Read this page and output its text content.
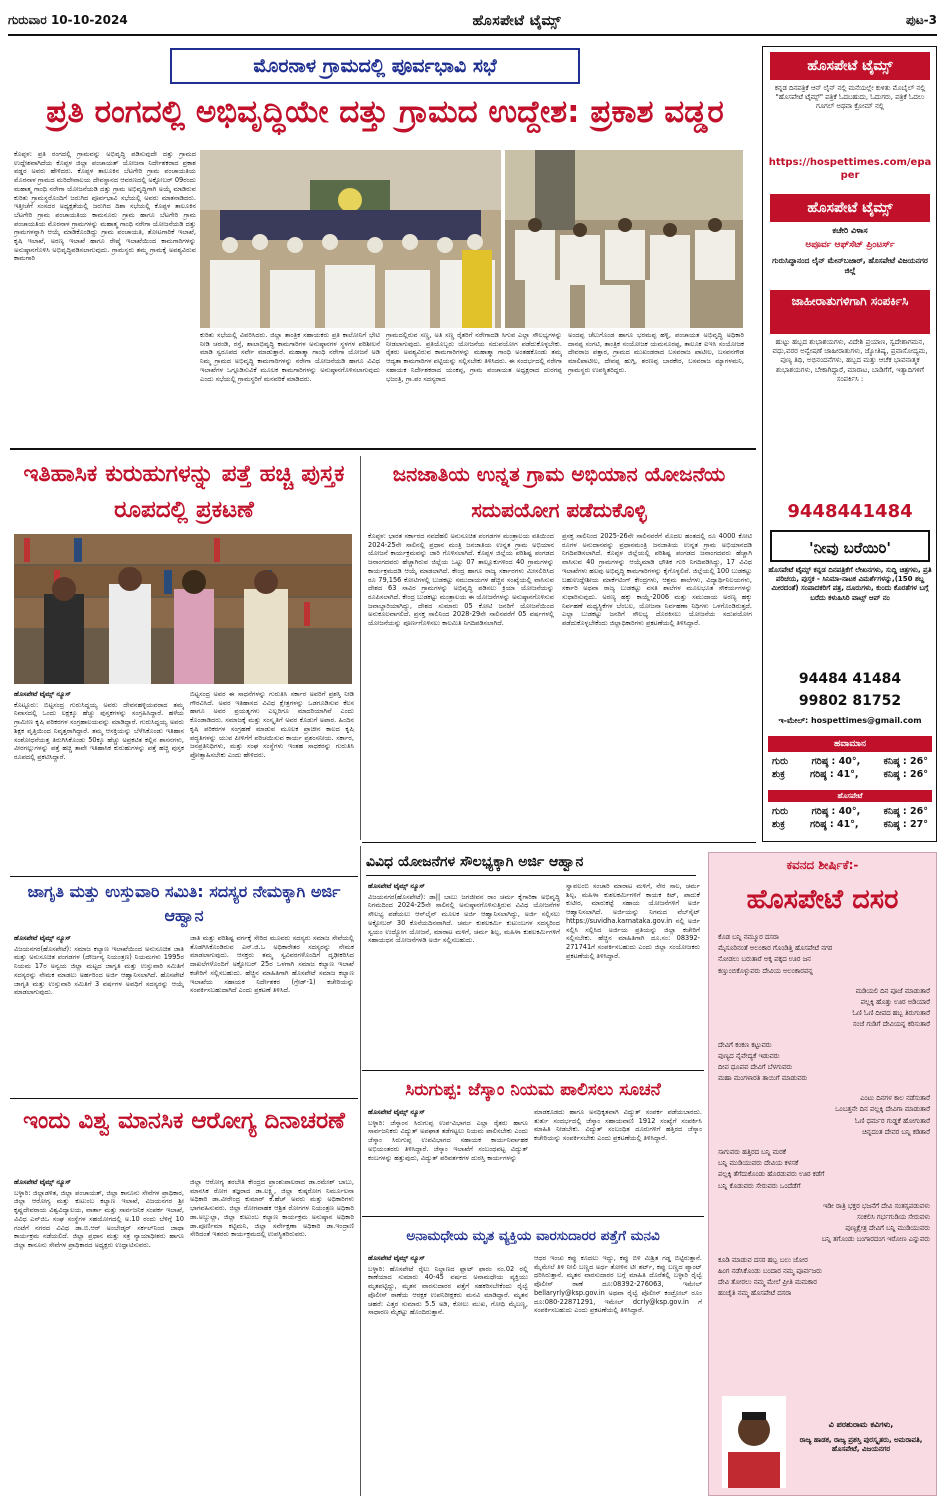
ಗುರುವಾರ 10-10-2024	ಹೊಸಪೇಟೆ ಟೈಮ್ಸ್	ಪುಟ-3
ಮೊರನಾಳ ಗ್ರಾಮದಲ್ಲಿ ಪೂರ್ವಭಾವಿ ಸಭೆ
ಪ್ರತಿ ರಂಗದಲ್ಲಿ ಅಭಿವೃದ್ಧಿಯೇ ದತ್ತು ಗ್ರಾಮದ ಉದ್ದೇಶ: ಪ್ರಕಾಶ ವಡ್ಡರ
ಕೊಪ್ಪಳ: ಪ್ರತಿ ರಂಗದಲ್ಲಿ ಗ್ರಾಮವನ್ನು ಅಭಿವೃದ್ಧಿ ಪಡಿಸುವುದೇ ದತ್ತು ಗ್ರಾಮದ ಉದ್ದೇಶವಾಗಿದೆಯ ಕೊಪ್ಪಳ ಜಿಲ್ಲಾ ಪಂಚಾಯತ್ ಯೋಜನಾ ನಿರ್ದೇಶಕರಾದ ಪ್ರಕಾಶ ವಡ್ಡರ ಅವರು ಹೇಳಿದರು. ಕೊಪ್ಪಳ ತಾಲೂಕಿನ ಬೆಟಗೇರಿ ಗ್ರಾಮ ಪಂಚಾಯತಿಯ ಮೊರನಾಳ ಗ್ರಾಮದ ಮರಿದೇವಾಲಯ ದೇವಸ್ಥಾನದ ಆವರಣದಲ್ಲಿ ಅಕ್ಟೋಬರ್ 09ರಂದು ಮಹಾತ್ಮ ಗಾಂಧಿ ನರೇಗಾ ಯೋಜನೆಯಡಿ ದತ್ತು ಗ್ರಾಮ ಅಭಿವೃದ್ಧಿಗಾಗಿ ಅಯ್ಕೆ ಮಾಡಿರುವ ಕುರಿತು ಗ್ರಾಮಸ್ಥರೊಂದಿಗೆ ಜರುಗಿದ ಪೂರ್ವಭಾವಿ ಸಭೆಯಲ್ಲಿ ಅವರು ಮಾತನಾಡಿದರು. ಇತ್ತೀಚೆಗೆ ಸಂಸದರ ಅಧ್ಯಕ್ಷತೆಯಲ್ಲಿ ಜರುಗಿದ ದಿಶಾ ಸಭೆಯಲ್ಲಿ ಕೊಪ್ಪಳ ತಾಲೂಕಿನ ಬೆಟಗೇರಿ ಗ್ರಾಮ ಪಂಚಾಯತಿಯ ಕಾಮನೂರು ಗ್ರಾಮ ಹಾಗೂ ಬೆಟಗೇರಿ ಗ್ರಾಮ ಪಂಚಾಯತಿಯ ಮೊರನಾಳ ಗ್ರಾಮಗಳನ್ನು ಮಹಾತ್ಮ ಗಾಂಧಿ ನರೇಗಾ ಯೋಜನೆಯಡಿ ದತ್ತು ಗ್ರಾಮಗಳನ್ನಾಗಿ ಆಯ್ಕೆ ಮಾಡಿಕೊಂಡಿದ್ದು ಗ್ರಾಮ ಪಂಚಾಯತಿ, ತೋಟಗಾರಿಕೆ ಇಲಾಖೆ, ಕೃಷಿ ಇಲಾಖೆ, ಅರಣ್ಯ ಇಲಾಖೆ ಹಾಗೂ ರೇಷ್ಮೆ ಇಲಾಖೆಯಿಂದ ಕಾಮಗಾರಿಗಳನ್ನು ಅನುಷ್ಠಾನಗೊಳಿಸಿ ಅಭಿವೃದ್ಧಿಪಡಿಸಲಾಗುವುದು. ಗ್ರಾಮಸ್ಥರು ತಮ್ಮ ಗ್ರಾಮಕ್ಕೆ ಅವಶ್ಯವಿರುವ ಕಾಮಗಾರಿ
ಕುರಿತು ಸಭೆಯಲ್ಲಿ ವಿವರಿಸಿದರು. ಜಿಲ್ಲಾ ತಾಂತ್ರಿಕ ಸಹಾಯಕರು ಪ್ರತಿ ಕಾಲೋನಿಗೆ ಭೇಟಿ ನೀಡಿ ಚರಂಡಿ, ರಸ್ತೆ, ಶಾಲಾಭಿವೃದ್ಧಿ ಕಾಮಗಾರಿಗಳ ಅನುಷ್ಠಾನಗಳ ಸ್ಥಳಗಳ ಪರಿಶೀಲನೆ ಮಾಡಿ ಸ್ವರೂಪದ ಸರ್ವೇ ಮಾಡುತ್ತಾರೆ. ಮಹಾತ್ಮಾ ಗಾಂಧಿ ನರೇಗಾ ಯೋಜನೆ ಅಡಿ ನಿಮ್ಮ ಗ್ರಾಮದ ಅಭಿವೃದ್ಧಿ ಕಾಮಗಾರಿಗಳನ್ನು ನರೇಗಾ ಯೋಜನೆಯಡಿ ಹಾಗೂ ವಿವಿಧ ಇಲಾಖೆಗಳ ಒಗ್ಗೂಡಿಸುವಿಕೆ ಮೂಲಕ ಕಾಮಗಾರಿಗಳನ್ನು ಅನುಷ್ಠಾನಗೊಳಿಸಲಾಗುವುದು ಎಂದು ಸಭೆಯಲ್ಲಿ ಗ್ರಾಮಸ್ಥರಿಗೆ ಮನವರಿಕೆ ಮಾಡಿದರು.
ಗ್ರಾಮದಲ್ಲಿರುವ ಸಣ್ಣ, ಅತಿ ಸಣ್ಣ ರೈತರಿಗೆ ನರೇಗಾದಡಿ ಸಿಗುವ ಎಲ್ಲಾ ಸೌಲಭ್ಯಗಳನ್ನು ನೀಡಲಾಗುವುದು. ಪ್ರತಿಯೊಬ್ಬರು ಯೋಜನೆಯ ಸದುಪಯೋಗ ಪಡೆದುಕೊಳ್ಳಬೇಕು. ರೈತರು ಅವಶ್ಯವಿರುವ ಕಾಮಗಾರಿಗಳನ್ನು ಮಹಾತ್ಮಾ ಗಾಂಧಿ ಅಂತಹಕೊಂಡು ತಮ್ಮ ಆದ್ಯತಾ ಕಾಮಗಾರಿಗಳ ಪಟ್ಟಿಯನ್ನು ಸಲ್ಲಿಸಬೇಕು ತಿಳಿಸಿದರು. ಈ ಸಂದರ್ಭದಲ್ಲಿ ನರೇಗಾ ಸಹಾಯಕ ನಿರ್ದೇಶಕರಾದ ಯಂಕಪ್ಪ, ಗ್ರಾಮ ಪಂಚಾಯತ ಅಧ್ಯಕ್ಷರಾದ ದುರಗಪ್ಪ ಭಜಂತ್ರಿ, ಗ್ರಾ.ಪಂ ಸದಸ್ಯರಾದ
ಅಂದಪ್ಪ ಚೆಲುಗೊಂಡ ಹಾಗೂ ಭರಮಪ್ಪ ಹಳ್ಳಿ, ಪಂಚಾಯತ ಅಭಿವೃದ್ಧಿ ಅಧಿಕಾರಿ ದಾನಪ್ಪ ಸಂಗಟಿ, ತಾಂತ್ರಿಕ ಸಂಯೋಜಕ ಯಮನೂರಪ್ಪ, ತಾಲೂಕ ಐಇಸಿ ಸಂಯೋಜಕ ದೇವರಾಜ ಪತ್ತಾರ, ಗ್ರಾಮದ ಮುಖಂಡರಾದ ಬಸವರಾಜ ಪಾಟೀಲ, ಬಸವನಗೌಡ ಮಾಲಿಪಾಟೀಲ, ದೇವಪ್ಪ ಹುಗ್ಗಿ, ಶರಣಪ್ಪ ಬಾರಕೇರ, ಬಸವರಾಜ ಮ್ಯಾಗಳಮನಿ, ಗ್ರಾಮಸ್ಥರು ಉಪಸ್ಥಿತರಿದ್ದರು.
ಇತಿಹಾಸಿಕ ಕುರುಹುಗಳನ್ನು ಪತ್ತೆ ಹಚ್ಚಿ ಪುಸ್ತಕ ರೂಪದಲ್ಲಿ ಪ್ರಕಟಣೆ

ಹೊಸಪೇಟೆ ಟೈಮ್ಸ್ ನ್ಯೂಸ್

ಕೊಟ್ಟೂರು: ಬಿಟ್ಟಸಂದ್ರ ಗುರುಸಿದ್ದಯ್ಯ ಅವರು ದೇವನಹಳ್ಳಿಯವರಾದ ತಮ್ಮ ನಿವಾಸದಲ್ಲಿ ಒಂದು ಲಕ್ಷಕ್ಕೂ ಹೆಚ್ಚು ಪುಸ್ತಕಗಳನ್ನು ಸಂಗ್ರಹಿಸಿದ್ದಾರೆ. ಹಳೆಯ ಗ್ರಾಮೀಣ ಕೃಷಿ ಪರಿಕರಗಳ ಸಂಗ್ರಹಾಲಯವನ್ನು ಮಾಡಿದ್ದಾರೆ. ಗುರುಸಿದ್ದಯ್ಯ ಅವರು ಶಿಕ್ಷಕ ವೃತ್ತಿಯಿಂದ ನಿವೃತ್ತರಾಗಿದ್ದಾರೆ. ತಮ್ಮ ಆಸಕ್ತಿಯನ್ನು ಬೆಳೆಸಿಕೊಂಡು ಇತಿಹಾಸ ಸಂಶೋಧನೆಯತ್ತ ತಿರುಗಿಸಿಕೊಂಡು 50ಕ್ಕೂ ಹೆಚ್ಚು ಅಪ್ರಕಟಿತ ಕಲ್ಲಿನ ಶಾಸನಗಳು, ವೀರಗಲ್ಲುಗಳನ್ನು ಪತ್ತೆ ಹಚ್ಚಿ ತಾವೇ ಇತಿಹಾಸಿಕ ಕುರುಹುಗಳನ್ನು ಪತ್ತೆ ಹಚ್ಚಿ ಪುಸ್ತಕ ರೂಪದಲ್ಲಿ ಪ್ರಕಟಿಸಿದ್ದಾರೆ.

ಬಿಟ್ಟಸಂದ್ರ ಅವರ ಈ ಸಾಧನೆಗಳನ್ನು ಗುರುತಿಸಿ ಸರ್ಕಾರ ಅವರಿಗೆ ಪ್ರಶಸ್ತಿ ನೀಡಿ ಗೌರವಿಸಿದೆ. ಅವರ ಇತಿಹಾಸದ ವಿವಿಧ ಕ್ಷೇತ್ರಗಳನ್ನು ಒಡಗೂಡಿಸುವ ಕೆಲಸ ಹಾಗೂ ಅವರ ಪ್ರಯತ್ನಗಳು ಎಲ್ಲರಿಗೂ ಮಾದರಿಯಾಗಿವೆ ಎಂದು ಕೊಂಡಾಡಿದರು. ಸಮಾಜಕ್ಕೆ ಮತ್ತು ಸಂಸ್ಕೃತಿಗೆ ಅವರ ಕೊಡುಗೆ ಅಪಾರ. ಹಿಂದಿನ ಕೃಷಿ ಪರಿಕರಗಳ ಸಂಗ್ರಹಣೆ ಮಾಡುವ ಮೂಲಕ ಪ್ರಾಚೀನ ಕಾಲದ ಕೃಷಿ ಪದ್ಧತಿಗಳನ್ನು ಯುವ ಪೀಳಿಗೆಗೆ ಪರಿಚಯಿಸುವ ಕಾರ್ಯ ಪ್ರಶಂಸನೀಯ. ಸರ್ಕಾರ, ಜನಪ್ರತಿನಿಧಿಗಳು, ಮತ್ತು ಸಂಘ ಸಂಸ್ಥೆಗಳು ಇಂತಹ ಸಾಧಕರನ್ನು ಗುರುತಿಸಿ ಪ್ರೋತ್ಸಾಹಿಸಬೇಕು ಎಂದು ಹೇಳಿದರು.
ಜನಜಾತಿಯ ಉನ್ನತ ಗ್ರಾಮ ಅಭಿಯಾನ ಯೋಜನೆಯ ಸದುಪಯೋಗ ಪಡೆದುಕೊಳ್ಳಿ
ಕೊಪ್ಪಳ: ಭಾರತ ಸರ್ಕಾರದ ನವದೆಹಲಿ ಅನುಸೂಚಿತ ಪಂಗಡಗಳ ಮಂತ್ರಾಲಯ ವತಿಯಿಂದ 2024-25ನೇ ಸಾಲಿನಲ್ಲಿ ಪ್ರಧಾನ ಮಂತ್ರಿ ಜನಜಾತಿಯ ಉನ್ನತ ಗ್ರಾಮ ಅಭಿಯಾನ ಯೋಜನೆ ಕಾರ್ಯಕ್ರಮವನ್ನು ಜಾರಿ ಗೊಳಿಸಲಾಗಿದೆ. ಕೊಪ್ಪಳ ಜಿಲ್ಲೆಯ ಪರಿಶಿಷ್ಟ ಪಂಗಡದ ಜನಾಂಗದವರು ಹೆಚ್ಚಾಗಿರುವ ಜಿಲ್ಲೆಯ ಒಟ್ಟು 07 ತಾಲ್ಲೂಕುಗಳಿಂದ 40 ಗ್ರಾಮಗಳನ್ನು ಕಾರ್ಯಕ್ರಮದಡಿ ಆಯ್ಕೆ ಮಾಡಲಾಗಿದೆ. ಕೇಂದ್ರ ಹಾಗೂ ರಾಜ್ಯ ಸರ್ಕಾರಗಳು ಮೀಸಲಿರಿಸಿದ ರೂ 79,156 ಕೋಟಿಗಳಲ್ಲಿ ಬುಡಕಟ್ಟು ಸಮುದಾಯಗಳ ಹೆಚ್ಚಿನ ಸಂಖ್ಯೆಯಲ್ಲಿ ವಾಸಿಸುವ ದೇಶದ 63 ಸಾವಿರ ಗ್ರಾಮಗಳನ್ನು ಅಭಿವೃದ್ಧಿ ಪಡಿಸಲು ಕ್ರಿಯಾ ಯೋಜನೆಯನ್ನು ರೂಪಿಸಲಾಗಿದೆ. ಕೇಂದ್ರ ಬುಡಕಟ್ಟು ಮಂತ್ರಾಲಯ ಈ ಯೋಜನೆಗಳನ್ನು ಅನುಷ್ಠಾನಗೊಳಿಸುವ ಜವಾಬ್ದಾರಿಯಾಗಿದ್ದು, ದೇಶದ ಸುಮಾರು 05 ಕೋಟಿ ಜನರಿಗೆ ಯೋಜನೆಯಿಂದ ಅನುಕೂಲವಾಗಲಿದೆ. ಪ್ರಸಕ್ತ ಸಾಲಿನಿಂದ 2028-29ನೇ ಸಾಲಿನವರೆಗೆ 05 ವರ್ಷಗಳಲ್ಲಿ ಯೋಜನೆಯನ್ನು ಪೂರ್ಣಗೊಳಿಸಲು ಕಾಲಮಿತಿ ನಿಗದಿಪಡಿಸಲಾಗಿದೆ.
ಪ್ರಸಕ್ತ ಸಾಲಿನಿಂದ 2025-26ನೇ ಸಾಲಿನವರೆಗೆ ಮೊದಲ ಹಂತದಲ್ಲಿ ರೂ 4000 ಕೋಟಿ ರೂಗಳ ಅನುದಾನವನ್ನು ಪ್ರಧಾನಮಂತ್ರಿ ಜನಜಾತಿಯ ಉನ್ನತ ಗ್ರಾಮ ಅಭಿಯಾನದಡಿ ನಿಗದಿಪಡಿಸಲಾಗಿದೆ. ಕೊಪ್ಪಳ ಜಿಲ್ಲೆಯಲ್ಲಿ ಪರಿಶಿಷ್ಟ ಪಂಗಡದ ಜನಾಂಗದವರು ಹೆಚ್ಚಾಗಿ ವಾಸಿಸುವ 40 ಗ್ರಾಮಗಳನ್ನು ಆಯ್ಕೆಮಾಡಿ ಭೌತಿಕ ಗುರಿ ನಿಗದಿಪಡಿಸಿದ್ದು, 17 ವಿವಿಧ ಇಲಾಖೆಗಳು ಹಲವು ಅಭಿವೃದ್ಧಿ ಕಾಮಗಾರಿಗಳನ್ನು ಕೈಗೊಳ್ಳಲಿವೆ. ಜಿಲ್ಲೆಯಲ್ಲಿ 100 ಬುಡಕಟ್ಟು ಬಹುಉದ್ದೇಶೀಯ ಮಾರ್ಕೆಟಿಂಗ್ ಕೇಂದ್ರಗಳು, ಆಶ್ರಮ ಶಾಲೆಗಳು, ವಿದ್ಯಾರ್ಥಿನಿಲಯಗಳು, ಸರ್ಕಾರಿ ಅಥವಾ ರಾಜ್ಯ ಬುಡಕಟ್ಟು ವಸತಿ ಶಾಲೆಗಳ ಮೂಲಭೂತ ಸೌಕರ್ಯಗಳನ್ನು ಸುಧಾರಿಸುವುದು. ಅರಣ್ಯ ಹಕ್ಕು ಕಾಯ್ದೆ-2006 ಮತ್ತು ಸಮುದಾಯ ಅರಣ್ಯ ಹಕ್ಕು ನಿರ್ವಹಣೆ ಮಧ್ಯಸ್ಥಿಕೆಗಳ ಬೆಂಬಲ, ಯೋಜನಾ ನಿರ್ವಹಣಾ ನಿಧಿಗಳು ಒಳಗೊಂಡಿರುತ್ತದೆ. ಎಲ್ಲಾ ಬುಡಕಟ್ಟು ಜನರಿಗೆ ಸೌಲಭ್ಯ ದೊರಕಿಸಲು ಯೋಜನೆಯ ಸದುಪಯೋಗ ಪಡೆದುಕೊಳ್ಳಬೇಕೆಂದು ಜಿಲ್ಲಾಧಿಕಾರಿಗಳು ಪ್ರಕಟಣೆಯಲ್ಲಿ ತಿಳಿಸಿದ್ದಾರೆ.
ಜಾಗೃತಿ ಮತ್ತು ಉಸ್ತುವಾರಿ ಸಮಿತಿ: ಸದಸ್ಯರ ನೇಮಕ್ಕಾಗಿ ಅರ್ಜಿ ಆಹ್ವಾನ

ಹೊಸಪೇಟೆ ಟೈಮ್ಸ್ ನ್ಯೂಸ್

ವಿಜಯನಗರ(ಹೊಸಪೇಟೆ): ಸಮಾಜ ಕಲ್ಯಾಣ ಇಲಾಖೆಯಿಂದ ಅನುಸೂಚಿತ ಜಾತಿ ಮತ್ತು ಅನುಸೂಚಿತ ಪಂಗಡಗಳ (ದೌರ್ಜನ್ಯ ನಿಯಂತ್ರಣ) ನಿಯಮಗಳು 1995ರ ನಿಯಮ 17ರ ಅನ್ವಯ ಜಿಲ್ಲಾ ಮಟ್ಟದ ಜಾಗೃತಿ ಮತ್ತು ಉಸ್ತುವಾರಿ ಸಮಿತಿಗೆ ಸದಸ್ಯರನ್ನು ನೇಮಕ ಮಾಡಲು ಅರ್ಹರಿಂದ ಅರ್ಜಿ ಆಹ್ವಾನಿಸಲಾಗಿದೆ. ಹೊಸಪೇಟೆ ಜಾಗೃತಿ ಮತ್ತು ಉಸ್ತುವಾರಿ ಸಮಿತಿಗೆ 3 ವರ್ಷಗಳ ಅವಧಿಗೆ ಸದಸ್ಯರನ್ನು ಆಯ್ಕೆ ಮಾಡಲಾಗುವುದು.

ಜಾತಿ ಮತ್ತು ಪರಿಶಿಷ್ಟ ವರ್ಗಕ್ಕೆ ಸೇರಿದ ಮೂವರು ಸದಸ್ಯರು ಸಮಾಜ ಸೇವೆಯಲ್ಲಿ ತೊಡಗಿಸಿಕೊಂಡಿರುವ ಎನ್.ಜಿ.ಒ ಅಧಿಕಾರೇತರ ಸದಸ್ಯರನ್ನು ನೇಮಕ ಮಾಡಲಾಗುವುದು. ಆಸಕ್ತರು ತಮ್ಮ ಸ್ವವಿವರಗಳೊಂದಿಗೆ ದೃಢೀಕರಿಸಿದ ದಾಖಲೆಗಳೊಂದಿಗೆ ಅಕ್ಟೋಬರ್ 25ರ ಒಳಗಾಗಿ ಸಮಾಜ ಕಲ್ಯಾಣ ಇಲಾಖೆ ಕಚೇರಿಗೆ ಸಲ್ಲಿಸಬಹುದು. ಹೆಚ್ಚಿನ ಮಾಹಿತಿಗಾಗಿ ಹೊಸಪೇಟೆ ಸಮಾಜ ಕಲ್ಯಾಣ ಇಲಾಖೆಯ ಸಹಾಯಕ ನಿರ್ದೇಶಕರ (ಗ್ರೇಡ್-1) ಕಚೇರಿಯನ್ನು ಸಂಪರ್ಕಿಸಬಹುದಾಗಿದೆ ಎಂದು ಪ್ರಕಟಣೆ ತಿಳಿಸಿದೆ.
ವಿವಿಧ ಯೋಜನೆಗಳ ಸೌಲಭ್ಯಕ್ಕಾಗಿ ಅರ್ಜಿ ಆಹ್ವಾನ

ಹೊಸಪೇಟೆ ಟೈಮ್ಸ್ ನ್ಯೂಸ್

ವಿಜಯನಗರ(ಹೊಸಪೇಟೆ): ಡಾ|| ಬಾಬು ಜಗಜೀವನ ರಾಂ ಚರ್ಮ ಕೈಗಾರಿಕಾ ಅಭಿವೃದ್ಧಿ ನಿಗಮದಿಂದ 2024-25ನೇ ಸಾಲಿನಲ್ಲಿ ಅನುಷ್ಠಾನಗೊಳಿಸುತ್ತಿರುವ ವಿವಿಧ ಯೋಜನೆಗಳ ಸೌಲಭ್ಯ ಪಡೆಯಲು ಆನ್‌ಲೈನ್ ಮೂಲಕ ಅರ್ಜಿ ಆಹ್ವಾನಿಸಲಾಗಿದ್ದು, ಅರ್ಜಿ ಸಲ್ಲಿಸಲು ಅಕ್ಟೋಬರ್ 30 ಕೊನೆಯದಿನವಾಗಿದೆ. ಚರ್ಮ ಕುಶಲಕರ್ಮಿ ಕುಟುಂಬಗಳ ಸದಸ್ಯರಿಂದ ಸ್ವಯಂ ಉದ್ಯೋಗ ಯೋಜನೆ, ಮಾರಾಟ ಮಳಿಗೆ, ಚರ್ಮ ಶಿಲ್ಪ, ಮಹಿಳಾ ಕುಶಲಕರ್ಮಿಗಳಿಗೆ ಸಹಾಯಧನ ಯೋಜನೆಗಳಡಿ ಅರ್ಜಿ ಸಲ್ಲಿಸಬಹುದು.

ಸ್ವಾವಲಂಬಿ ಸಂಚಾರಿ ಮಾರಾಟ ಮಳಿಗೆ, ನೇರ ಸಾಲ, ಚರ್ಮ ಶಿಲ್ಪ, ಮಹಿಳಾ ಕುಶಲಕರ್ಮಿಗಳಿಗೆ ಕಾಯಕ ಕಿಟ್, ಪಾದುಕೆ ಕುಟೀರ, ಮಾರುಕಟ್ಟೆ ಸಹಾಯ ಯೋಜನೆಗಳಿಗೆ ಅರ್ಜಿ ಆಹ್ವಾನಿಸಲಾಗಿದೆ. ಅರ್ಜಿಯನ್ನು ನಿಗಮದ ವೆಬ್‌ಸೈಟ್ https://suvidha.karnataka.gov.in ನಲ್ಲಿ ಅರ್ಜಿ ಸಲ್ಲಿಸಿ ಸಲ್ಲಿಸಿದ ಅರ್ಜಿಯ ಪ್ರತಿಯನ್ನು ಜಿಲ್ಲಾ ಕಚೇರಿಗೆ ಸಲ್ಲಿಸಬೇಕು. ಹೆಚ್ಚಿನ ಮಾಹಿತಿಗಾಗಿ ದೂ.ಸಂ: 08392-271741ಗೆ ಸಂಪರ್ಕಿಸಬಹುದು ಎಂದು ಜಿಲ್ಲಾ ಸಂಯೋಜಕರು ಪ್ರಕಟಣೆಯಲ್ಲಿ ತಿಳಿಸಿದ್ದಾರೆ.
ಸಿರುಗುಪ್ಪ: ಜೆಸ್ಕಾಂ ನಿಯಮ ಪಾಲಿಸಲು ಸೂಚನೆ

ಹೊಸಪೇಟೆ ಟೈಮ್ಸ್ ನ್ಯೂಸ್

ಬಳ್ಳಾರಿ: ಜೆಸ್ಕಾಂನ ಸಿರುಗುಪ್ಪ ಉಪ-ವಿಭಾಗದ ಎಲ್ಲಾ ರೈತರು ಹಾಗೂ ಸಾರ್ವಜನಿಕರು ವಿದ್ಯುತ್ ಅಪಘಾತ ತಡೆಗಟ್ಟಲು ನಿಯಮ ಪಾಲಿಸಬೇಕು ಎಂದು ಜೆಸ್ಕಾಂ ಸಿರುಗುಪ್ಪ ಉಪವಿಭಾಗದ ಸಹಾಯಕ ಕಾರ್ಯನಿರ್ವಾಹಕ ಅಭಿಯಂತರರು ತಿಳಿಸಿದ್ದಾರೆ. ಜೆಸ್ಕಾಂ ಇಲಾಖೆಗೆ ಸಂಬಂಧಪಟ್ಟ ವಿದ್ಯುತ್ ಕಂಬಗಳನ್ನು ಹತ್ತುವುದು, ವಿದ್ಯುತ್ ಪರಿವರ್ತಕಗಳ ದುರಸ್ತಿ ಕಾರ್ಯಗಳನ್ನು

ಮಾಡಕೂಡದು ಹಾಗೂ ಅನಧಿಕೃತವಾಗಿ ವಿದ್ಯುತ್ ಸಂಪರ್ಕ ಪಡೆಯಬಾರದು. ತುರ್ತು ಸಂದರ್ಭದಲ್ಲಿ ಜೆಸ್ಕಾಂ ಸಹಾಯವಾಣಿ 1912 ಸಂಖ್ಯೆಗೆ ಸಂಪರ್ಕಿಸಿ ಮಾಹಿತಿ ನೀಡಬೇಕು. ವಿದ್ಯುತ್ ಸಂಬಂಧಿತ ದೂರುಗಳಿಗೆ ಹತ್ತಿರದ ಜೆಸ್ಕಾಂ ಕಚೇರಿಯನ್ನು ಸಂಪರ್ಕಿಸಬೇಕು ಎಂದು ಪ್ರಕಟಣೆಯಲ್ಲಿ ತಿಳಿಸಿದ್ದಾರೆ.
ಇಂದು ವಿಶ್ವ ಮಾನಸಿಕ ಆರೋಗ್ಯ ದಿನಾಚರಣೆ

ಹೊಸಪೇಟೆ ಟೈಮ್ಸ್ ನ್ಯೂಸ್

ಬಳ್ಳಾರಿ: ಜಿಲ್ಲಾಡಳಿತ, ಜಿಲ್ಲಾ ಪಂಚಾಯತ್, ಜಿಲ್ಲಾ ಕಾನೂನು ಸೇವೆಗಳ ಪ್ರಾಧಿಕಾರ, ಜಿಲ್ಲಾ ಆರೋಗ್ಯ ಮತ್ತು ಕುಟುಂಬ ಕಲ್ಯಾಣ ಇಲಾಖೆ, ವಿಜಯನಗರ ಶ್ರೀ ಕೃಷ್ಣದೇವರಾಯ ವಿಶ್ವವಿದ್ಯಾಲಯ, ವಾರ್ತಾ ಮತ್ತು ಸಾರ್ವಜನಿಕ ಸಂಪರ್ಕ ಇಲಾಖೆ, ವಿವಿಧ ಎನ್‌ಜಿಒ ಸಂಘ ಸಂಸ್ಥೆಗಳ ಸಹಯೋಗದಲ್ಲಿ ಅ.10 ರಂದು ಬೆಳಿಗ್ಗೆ 10 ಗಂಟೆಗೆ ನಗರದ ವಿವಿಧ ಡಾ.ಬಿ.ಆರ್ ಅಂಬೇಡ್ಕರ್ ಸರ್ಕಲ್‌ನಿಂದ ಜಾಥಾ ಕಾರ್ಯಕ್ರಮ ನಡೆಯಲಿದೆ. ಜಿಲ್ಲಾ ಪ್ರಧಾನ ಮತ್ತು ಸತ್ರ ನ್ಯಾಯಾಧೀಶರು ಹಾಗೂ ಜಿಲ್ಲಾ ಕಾನೂನು ಸೇವೆಗಳ ಪ್ರಾಧಿಕಾರದ ಅಧ್ಯಕ್ಷರು ಉದ್ಘಾಟಿಸುವರು.

ಜಿಲ್ಲಾ ಆರೋಗ್ಯ ತರಬೇತಿ ಕೇಂದ್ರದ ಪ್ರಾಂಶುಪಾಲರಾದ ಡಾ.ರಮೇಶ್ ಬಾಬು, ಮಾನಸಿಕ ರೋಗ ತಜ್ಞರಾದ ಡಾ.ಲಕ್ಷ್ಮಿ, ಜಿಲ್ಲಾ ಕುಷ್ಠರೋಗ ನಿರ್ಮೂಲನಾ ಅಧಿಕಾರಿ ಡಾ.ವೀರೇಂದ್ರ ಕುಮಾರ್ ಕೆ.ಹೆಚ್ ಅವರು ಮತ್ತು ಅಧಿಕಾರಿಗಳು ಭಾಗವಹಿಸುವರು. ಜಿಲ್ಲಾ ರೋಗವಾಹಕ ಆಶ್ರಿತ ರೋಗಗಳ ನಿಯಂತ್ರಣ ಅಧಿಕಾರಿ ಡಾ.ಅಬ್ದುಲ್ಲಾ, ಜಿಲ್ಲಾ ಕುಟುಂಬ ಕಲ್ಯಾಣ ಕಾರ್ಯಕ್ರಮ ಅನುಷ್ಠಾನ ಅಧಿಕಾರಿ ಡಾ.ಪೂರ್ಣಿಮಾ ಕಟ್ಟಿಮನಿ, ಜಿಲ್ಲಾ ಸರ್ವೇಕ್ಷಣಾ ಅಧಿಕಾರಿ ಡಾ.ಇಂದ್ರಾಣಿ ಸೇರಿದಂತೆ ಇತರರು ಕಾರ್ಯಕ್ರಮದಲ್ಲಿ ಉಪಸ್ಥಿತರಿರುವರು.	ಅನಾಮಧೇಯ ಮೃತ ವ್ಯಕ್ತಿಯ ವಾರಸುದಾರರ ಪತ್ತೆಗೆ ಮನವಿ

ಹೊಸಪೇಟೆ ಟೈಮ್ಸ್ ನ್ಯೂಸ್

ಬಳ್ಳಾರಿ: ಹೊಸಪೇಟೆ ರೈಲು ನಿಲ್ದಾಣದ ಫ್ಲಾಟ್ ಫಾರಂ ನಂ.02 ರಲ್ಲಿ ಕಾಣೆಯಾದ ಸುಮಾರು 40-45 ವರ್ಷದ ಅನಾಮಧೇಯ ವ್ಯಕ್ತಿಯು ಮೃತಪಟ್ಟಿದ್ದು, ಮೃತನ ವಾರಸುದಾರರ ಪತ್ತೆಗೆ ಸಹಕರಿಸಬೇಕೆಂದು ರೈಲ್ವೆ ಪೊಲೀಸ್ ಠಾಣೆಯ ಆರಕ್ಷಕ ಉಪನಿರೀಕ್ಷಕರು ಮನವಿ ಮಾಡಿದ್ದಾರೆ. ಮೃತನ ಚಹರೆ: ಎತ್ತರ ಸುಮಾರು 5.5 ಅಡಿ, ಕೋಲು ಮುಖ, ಗೋಧಿ ಮೈಬಣ್ಣ, ಸಾಧಾರಣ ಮೈಕಟ್ಟು ಹೊಂದಿರುತ್ತಾನೆ.

ಆಧರ ಇಂಚು ಕಪ್ಪು ಕೂದಲು ಇದ್ದು, ಕಪ್ಪು ಬಿಳಿ ಮಿಶ್ರಿತ ಗಡ್ಡ ಬಿಟ್ಟಿರುತ್ತಾನೆ. ಮೈಮೇಲೆ ತಿಳಿ ನೀಲಿ ಬಣ್ಣದ ಅರ್ಧ ತೋಳಿನ ಟೀ ಶರ್ಟ್, ಕಪ್ಪು ಬಣ್ಣದ ಪ್ಯಾಂಟ್ ಧರಿಸಿರುತ್ತಾನೆ. ಮೃತನ ವಾರಸುದಾರರ ಬಗ್ಗೆ ಮಾಹಿತಿ ದೊರೆತಲ್ಲಿ ಬಳ್ಳಾರಿ ರೈಲ್ವೆ ಪೊಲೀಸ್ ಠಾಣೆ ದೂ:08392-276063, ಇಮೇಲ್ bellaryrly@ksp.gov.in ಅಥವಾ ರೈಲ್ವೆ ಪೊಲೀಸ್ ಕಂಟ್ರೋಲ್ ರೂಂ ದೂ:080-22871291, ಇಮೇಲ್ dcrly@ksp.gov.in ಗೆ ಸಂಪರ್ಕಿಸಬಹುದು ಎಂದು ಪ್ರಕಟಣೆಯಲ್ಲಿ ತಿಳಿಸಿದ್ದಾರೆ.
ಹೊಸಪೇಟೆ ಟೈಮ್ಸ್
ಕನ್ನಡ ದಿನಪತ್ರಿಕೆ ಆನ್ ಲೈನ್ ನಲ್ಲಿ ಮನೆಯಲ್ಲೇ ಕುಳಿತು ಮೊಬೈಲ್ ನಲ್ಲಿ "ಹೊಸಪೇಟೆ ಟೈಮ್ಸ್" ಪತ್ರಿಕೆ ಓದಬಹುದು, ಓದುಗರು, ಪತ್ರಿಕೆ ಓದಲು ಗೂಗಲ್ ಅಥವಾ ಕ್ರೋಮ್ ನಲ್ಲಿ
https://hospettimes.com/epaper
ಹೊಸಪೇಟೆ ಟೈಮ್ಸ್
ಕಚೇರಿ ವಿಳಾಸ
ಅಪೂರ್ವ ಆಫ್‌ಸೆಟ್ ಪ್ರಿಂಟರ್ಸ್
ಗುರುಸಿದ್ಧಾನಂದ ಲೈನ್ ಮೇನ್‌ಬಜಾರ್, ಹೊಸಪೇಟೆ ವಿಜಯನಗರ ಜಿಲ್ಲೆ
ಜಾಹೀರಾತುಗಳಿಗಾಗಿ ಸಂಪರ್ಕಿಸಿ
ಹುಟ್ಟು ಹಬ್ಬದ ಶುಭಾಶಯಗಳು, ವಿದೇಶಿ ಪ್ರಯಾಣ, ಸ್ವದೇಶಾಗಮನ, ವಧು,ವರರ ಅನ್ವೇಷಣೆ ಜಾಹೀರಾತುಗಳು, ಜ್ಯೋತಿಷ್ಯ, ಪ್ರವಾಸೋದ್ಯಮ, ಪುಣ್ಯ ತಿಥಿ, ಅಭಿನಂದನೆಗಳು, ಹಬ್ಬದ ಮತ್ತು ಆಚೆಕ ಭಾವನಾತ್ಮಕ ಶುಭಾಶಯಗಳು, ಬೇಕಾಗಿದ್ದಾರೆ, ಮಾರಾಟ, ಬಾಡಿಗೆಗೆ, ಇತ್ಯಾದಿಗಳಿಗೆ ಸಂಪರ್ಕಿಸಿ :
9448441484
'ನೀವು ಬರೆಯಿರಿ'
ಹೊಸಪೇಟೆ ಟೈಮ್ಸ್ ಕನ್ನಡ ದಿನಪತ್ರಿಕೆಗೆ ಲೇಖನಗಳು, ಸುದ್ದಿ ಚಿತ್ರಗಳು, ಪ್ರತಿ ಪರಿಚಯ, ಪುಸ್ತಕ - ಸಿನಿಮಾ-ನಾಟಕ ವಿಮರ್ಶೆಗಳನ್ನು,(150 ಶಬ್ದ ಮೀರದಂತೆ) ಸಂಪಾದಕರಿಗೆ ಪತ್ರ, ದೂರುಗಳು, ಕುಂದು ಕೊರತೆಗಳ ಬಗ್ಗೆ ಬರೆದು ಕಳುಹಿಸಿರಿ ವಾಟ್ಸ್ ಆಪ್ ನಂ
94484 41484
99802 81752
ಇ-ಮೇಲ್: hospettimes@gmail.com
ಹವಾಮಾನ
ಗುರು ಗರಿಷ್ಠ : 40°, ಕನಿಷ್ಠ : 26°
ಶುಕ್ರ	ಗರಿಷ್ಠ : 41°,	ಕನಿಷ್ಠ : 26°
ಹೊಸಪೇಟೆ
ಗುರು ಗರಿಷ್ಠ : 40°, ಕನಿಷ್ಠ : 26°
ಶುಕ್ರ	ಗರಿಷ್ಠ : 41°,	ಕನಿಷ್ಠ : 27°
ಕವನದ ಶೀರ್ಷಿಕೆ:-
ಹೊಸಪೇಟೆ ದಸರ

ಕೊಡ ಬನ್ನಿ ನಮ್ಮೂರ ದಸರಾ

ಮೈಸೂರಿನಂತೆ ಅಲಂಕಾರ ಗೊಂಡಿತ್ತಿ ಹೊಸಪೇಟೆ ನಗರ

ನೋಡಲು ಬರುತಾರೆ ಅಕ್ಕ ಪಕ್ಕದ ಊರ ಜನ

ಕಣ್ತುಂಬಿಕೊಳ್ಳುವರು ದೇವಿಯ ಅಲಂಕಾರವನ್ನ

ಮಡಿಯಲಿ ದಿನ ಪೂಜೆ ಮಾಡುತಾರೆ

ಪಲ್ಲಕ್ಕಿ ಹೊತ್ತು ಊರ ಅಡಿಯಾರೆ

ಓಣಿ ಓಣಿ ದೀಪದ ಹಬ್ಬ ತಿರುಗುತಾರೆ

ಸಂಜೆ ಗುಡಿಗೆ ದೇವಿಯನ್ನ ಕರಿಸುತಾರೆ

ದೇವಿಗೆ ಕಂಕಣ ಕಟ್ಟುವರು

ಪುಣ್ಯದ ನೈವೇದ್ಯಕೆ ಇಡುವರು

ದೀಪ ಧೂಪವ ದೇವಿಗೆ ಬೆಳಗುವರು

ಮಹಾ ಮಂಗಳಾರತಿ ತಾಯಿಗೆ ಮಾಡುವರು

ಎಂಟು ದಿನಗಳ ಕಾಲ ನಡೆಸುತಾರೆ

ಒಂಬತ್ತನೇ ದಿನ ಪಲ್ಲಕ್ಕಿ ದೇವಿಗಾ ಮಾಡುತಾರೆ

ಓಣಿ ಧರ್ಮರ ಗುಡ್ಡಕೆ ಹೋಗುತಾರೆ

ಚಿನ್ನದಂತ ದೇವರ ಬನ್ನಿ ಕಡಿತಾರೆ

ಸಾಗುವರು ಹತ್ತಿರದ ಬನ್ನಿ ಮರಕೆ

ಬನ್ನಿ ಮುಡಿಯುವರು ದೇವಿಯ ಕಳಸಕೆ

ಪಲ್ಲಕ್ಕಿ ತೆಗೆದುಕೊಂಡು ಹೊರಡುವರು ಊರ ಕಡೆಗೆ

ಬನ್ನಿ ಕೊಡುವರು ಸೇರುವರು ಒಂದೆಡೆಗೆ

ಇಡೀ ರಾತ್ರಿ ಭಕ್ತರ ಭಜನೆಗೆ ದೇವಿ ಸಂತಸ್ಸಪಡುವಳು

ಸಂಕಲಿಸಿ ಗರ್ಭಗುಡಿಯ ಸೇರುವಳು

ಪುಣ್ಯಕ್ಷೇತ್ರ ದೇವಿಗೆ ಬನ್ನಿ ಮುಡಿಯುವರು

ಬನ್ನಿ ತಗೊಂಡು ಬಂಗಾರದಂಗ ಇರೋಣ ಎನ್ನುವರು

ಕೂಡಿ ಮಾಡುವ ದಸರ ಹಬ್ಬ ಬಲು ಜೋರ

ಹಿಂಗ ನಡೆಸಿಕೊಂಡು ಬಂದಾರ ನಮ್ಮ ಪೂರ್ವಜರು

ದೇವಿ ತೋರಲು ನಮ್ಮ ಮೇಲೆ ಪ್ರೀತಿ ಮಮಕಾರ

ಹಂಚೈತಿ ನಮ್ಮ ಹೊಸಪೇಟೆ ದಸರಾ

ವಿ ಪರಶುರಾಮ ಕವಿಗಳು,
ರಾಜ್ಯ ಹಾಡಕ, ರಾಜ್ಯ ಪ್ರಶಸ್ತಿ ಪುರಸ್ಕೃತರು, ಅಮರಾವತಿ, ಹೊಸಪೇಟೆ, ವಿಜಯನಗರ
